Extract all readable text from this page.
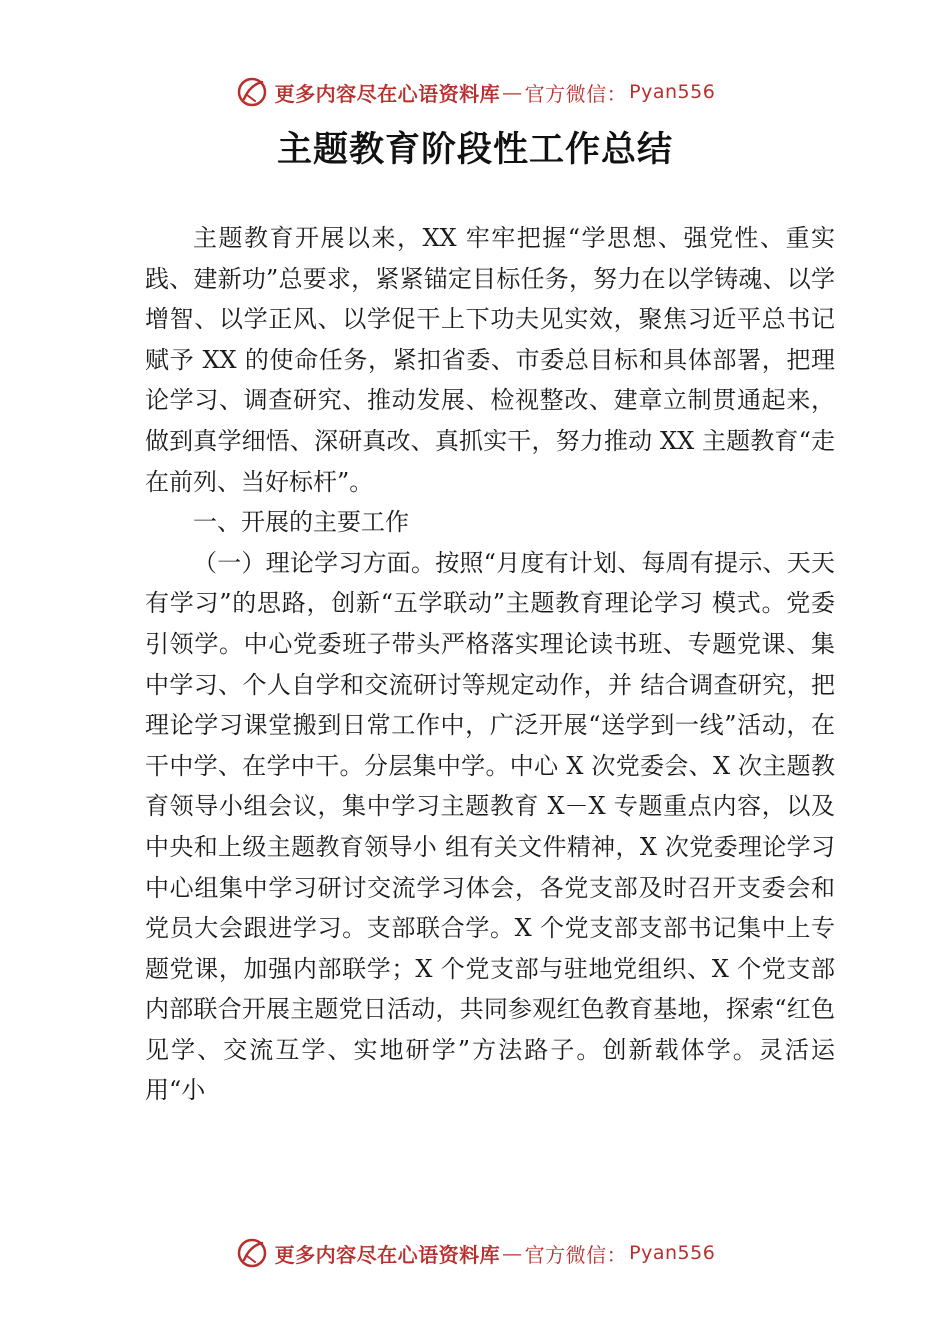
更多内容尽在心语资料库 — 官方微信： Pyan556
主题教育阶段性工作总结

主题教育开展以来，XX 牢牢把握“学思想、强党性、重实践、建新功”总要求，紧紧锚定目标任务，努力在以学铸魂、以学增智、以学正风、以学促干上下功夫见实效，聚焦习近平总书记赋予 XX 的使命任务，紧扣省委、市委总目标和具体部署，把理论学习、调查研究、推动发展、检视整改、建章立制贯通起来，做到真学细悟、深研真改、真抓实干，努力推动 XX 主题教育“走在前列、当好标杆”。

一、开展的主要工作

（一）理论学习方面。按照“月度有计划、每周有提示、天天有学习”的思路，创新“五学联动”主题教育理论学习 模式。党委引领学。中心党委班子带头严格落实理论读书班、专题党课、集中学习、个人自学和交流研讨等规定动作，并 结合调查研究，把理论学习课堂搬到日常工作中，广泛开展“送学到一线”活动，在干中学、在学中干。分层集中学。中心 X 次党委会、X 次主题教育领导小组会议，集中学习主题教育 X－X 专题重点内容，以及中央和上级主题教育领导小 组有关文件精神，X 次党委理论学习中心组集中学习研讨交流学习体会，各党支部及时召开支委会和党员大会跟进学习。支部联合学。X 个党支部支部书记集中上专题党课，加强内部联学；X 个党支部与驻地党组织、X 个党支部内部联合开展主题党日活动，共同参观红色教育基地，探索“红色见学、交流互学、实地研学”方法路子。创新载体学。灵活运用“小

更多内容尽在心语资料库 — 官方微信： Pyan556
